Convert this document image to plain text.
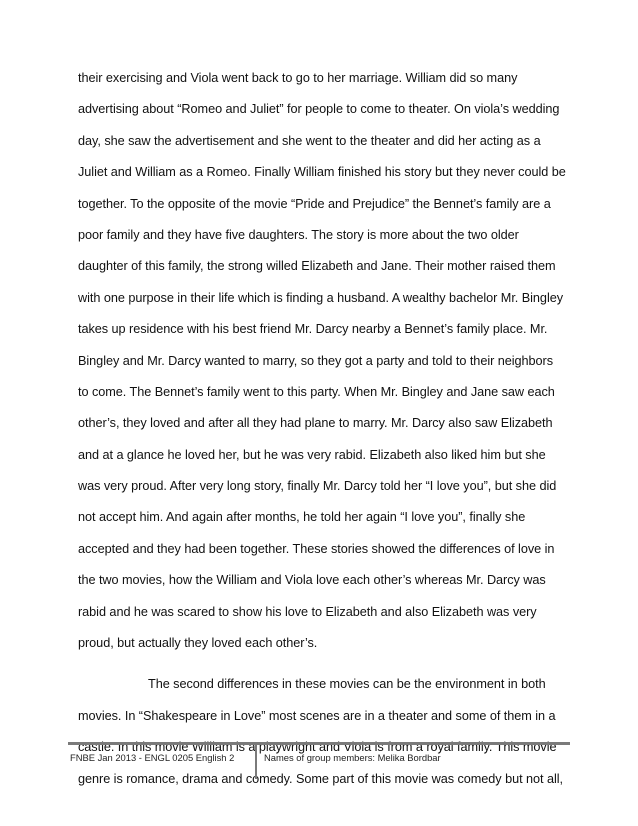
their exercising and Viola went back to go to her marriage. William did so many
advertising about “Romeo and Juliet” for people to come to theater. On viola’s wedding
day, she saw the advertisement and she went to the theater and did her acting as a
Juliet and William as a Romeo. Finally William finished his story but they never could be
together. To the opposite of the movie “Pride and Prejudice” the Bennet’s family are a
poor family and they have five daughters. The story is more about the two older
daughter of this family, the strong willed Elizabeth and Jane. Their mother raised them
with one purpose in their life which is finding a husband. A wealthy bachelor Mr. Bingley
takes up residence with his best friend Mr. Darcy nearby a Bennet’s family place. Mr.
Bingley and Mr. Darcy wanted to marry, so they got a party and told to their neighbors
to come. The Bennet’s family went to this party. When Mr. Bingley and Jane saw each
other’s, they loved and after all they had plane to marry. Mr. Darcy also saw Elizabeth
and at a glance he loved her, but he was very rabid. Elizabeth also liked him but she
was very proud. After very long story, finally Mr. Darcy told her “I love you”, but she did
not accept him. And again after months, he told her again “I love you”, finally she
accepted and they had been together. These stories showed the differences of love in
the two movies, how the William and Viola love each other’s whereas Mr. Darcy was
rabid and he was scared to show his love to Elizabeth and also Elizabeth was very
proud, but actually they loved each other’s.
The second differences in these movies can be the environment in both
movies. In “Shakespeare in Love” most scenes are in a theater and some of them in a
castle. In this movie William is a playwright and Viola is from a royal family. This movie
genre is romance, drama and comedy. Some part of this movie was comedy but not all,
FNBE Jan 2013 - ENGL 0205 English 2	Names of group members: Melika Bordbar
